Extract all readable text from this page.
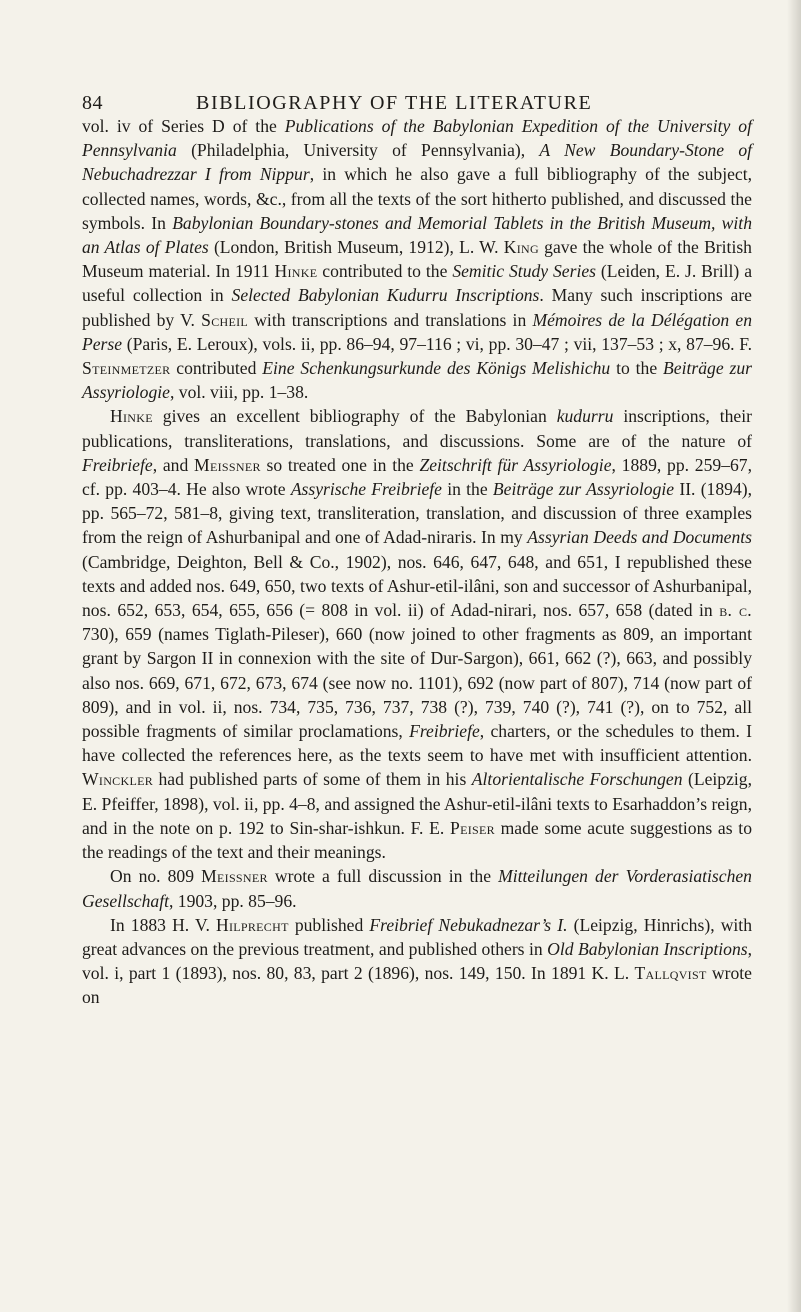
84	BIBLIOGRAPHY OF THE LITERATURE

vol. iv of Series D of the Publications of the Babylonian Expedition of the University of Pennsylvania (Philadelphia, University of Pennsylvania), A New Boundary-Stone of Nebuchadrezzar I from Nippur, in which he also gave a full bibliography of the subject, collected names, words, &c., from all the texts of the sort hitherto published, and discussed the symbols. In Babylonian Boundary-stones and Memorial Tablets in the British Museum, with an Atlas of Plates (London, British Museum, 1912), L. W. King gave the whole of the British Museum material. In 1911 Hinke contributed to the Semitic Study Series (Leiden, E. J. Brill) a useful collection in Selected Babylonian Kudurru Inscriptions. Many such inscriptions are published by V. Scheil with transcriptions and translations in Mémoires de la Délégation en Perse (Paris, E. Leroux), vols. ii, pp. 86–94, 97–116 ; vi, pp. 30–47 ; vii, 137–53 ; x, 87–96. F. Steinmetzer contributed Eine Schenkungsurkunde des Königs Melishichu to the Beiträge zur Assyriologie, vol. viii, pp. 1–38.

Hinke gives an excellent bibliography of the Babylonian kudurru inscriptions, their publications, transliterations, translations, and discussions. Some are of the nature of Freibriefe, and Meissner so treated one in the Zeitschrift für Assyriologie, 1889, pp. 259–67, cf. pp. 403–4. He also wrote Assyrische Freibriefe in the Beiträge zur Assyriologie II. (1894), pp. 565–72, 581–8, giving text, transliteration, translation, and discussion of three examples from the reign of Ashurbanipal and one of Adad-niraris. In my Assyrian Deeds and Documents (Cambridge, Deighton, Bell & Co., 1902), nos. 646, 647, 648, and 651, I republished these texts and added nos. 649, 650, two texts of Ashur-etil-ilâni, son and successor of Ashurbanipal, nos. 652, 653, 654, 655, 656 (= 808 in vol. ii) of Adad-nirari, nos. 657, 658 (dated in b. c. 730), 659 (names Tiglath-Pileser), 660 (now joined to other fragments as 809, an important grant by Sargon II in connexion with the site of Dur-Sargon), 661, 662 (?), 663, and possibly also nos. 669, 671, 672, 673, 674 (see now no. 1101), 692 (now part of 807), 714 (now part of 809), and in vol. ii, nos. 734, 735, 736, 737, 738 (?), 739, 740 (?), 741 (?), on to 752, all possible fragments of similar proclamations, Freibriefe, charters, or the schedules to them. I have collected the references here, as the texts seem to have met with insufficient attention. Winckler had published parts of some of them in his Altorientalische Forschungen (Leipzig, E. Pfeiffer, 1898), vol. ii, pp. 4–8, and assigned the Ashur-etil-ilâni texts to Esarhaddon’s reign, and in the note on p. 192 to Sin-shar-ishkun. F. E. Peiser made some acute suggestions as to the readings of the text and their meanings.

On no. 809 Meissner wrote a full discussion in the Mitteilungen der Vorderasiatischen Gesellschaft, 1903, pp. 85–96.

In 1883 H. V. Hilprecht published Freibrief Nebukadnezar’s I. (Leipzig, Hinrichs), with great advances on the previous treatment, and published others in Old Babylonian Inscriptions, vol. i, part 1 (1893), nos. 80, 83, part 2 (1896), nos. 149, 150. In 1891 K. L. Tallqvist wrote on
